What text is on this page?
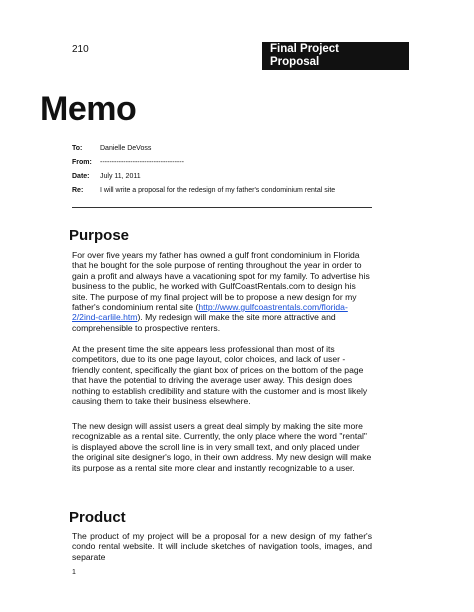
210	Final Project
Proposal
Memo
To:	Danielle DeVoss
From: ------------------------------------
Date: July 11, 2011
Re: I will write a proposal for the redesign of my father's condominium rental site
Purpose
For over five years my father has owned a gulf front condominium in Florida that he bought for the sole purpose of renting throughout the year in order to gain a profit and always have a vacationing spot for my family. To advertise his business to the public, he worked with GulfCoastRentals.com to design his site. The purpose of my final project will be to propose a new design for my father's condominium rental site (http://www.gulfcoastrentals.com/florida-2/2ind-carlile.htm). My redesign will make the site more attractive and comprehensible to prospective renters.
At the present time the site appears less professional than most of its competitors, due to its one page layout, color choices, and lack of user - friendly content, specifically the giant box of prices on the bottom of the page that have the potential to driving the average user away. This design does nothing to establish credibility and stature with the customer and is most likely causing them to take their business elsewhere.
The new design will assist users a great deal simply by making the site more recognizable as a rental site. Currently, the only place where the word "rental" is displayed above the scroll line is in very small text, and only placed under the original site designer's logo, in their own address. My new design will make its purpose as a rental site more clear and instantly recognizable to a user.
Product
The product of my project will be a proposal for a new design of my father's condo rental website. It will include sketches of navigation tools, images, and separate
1
